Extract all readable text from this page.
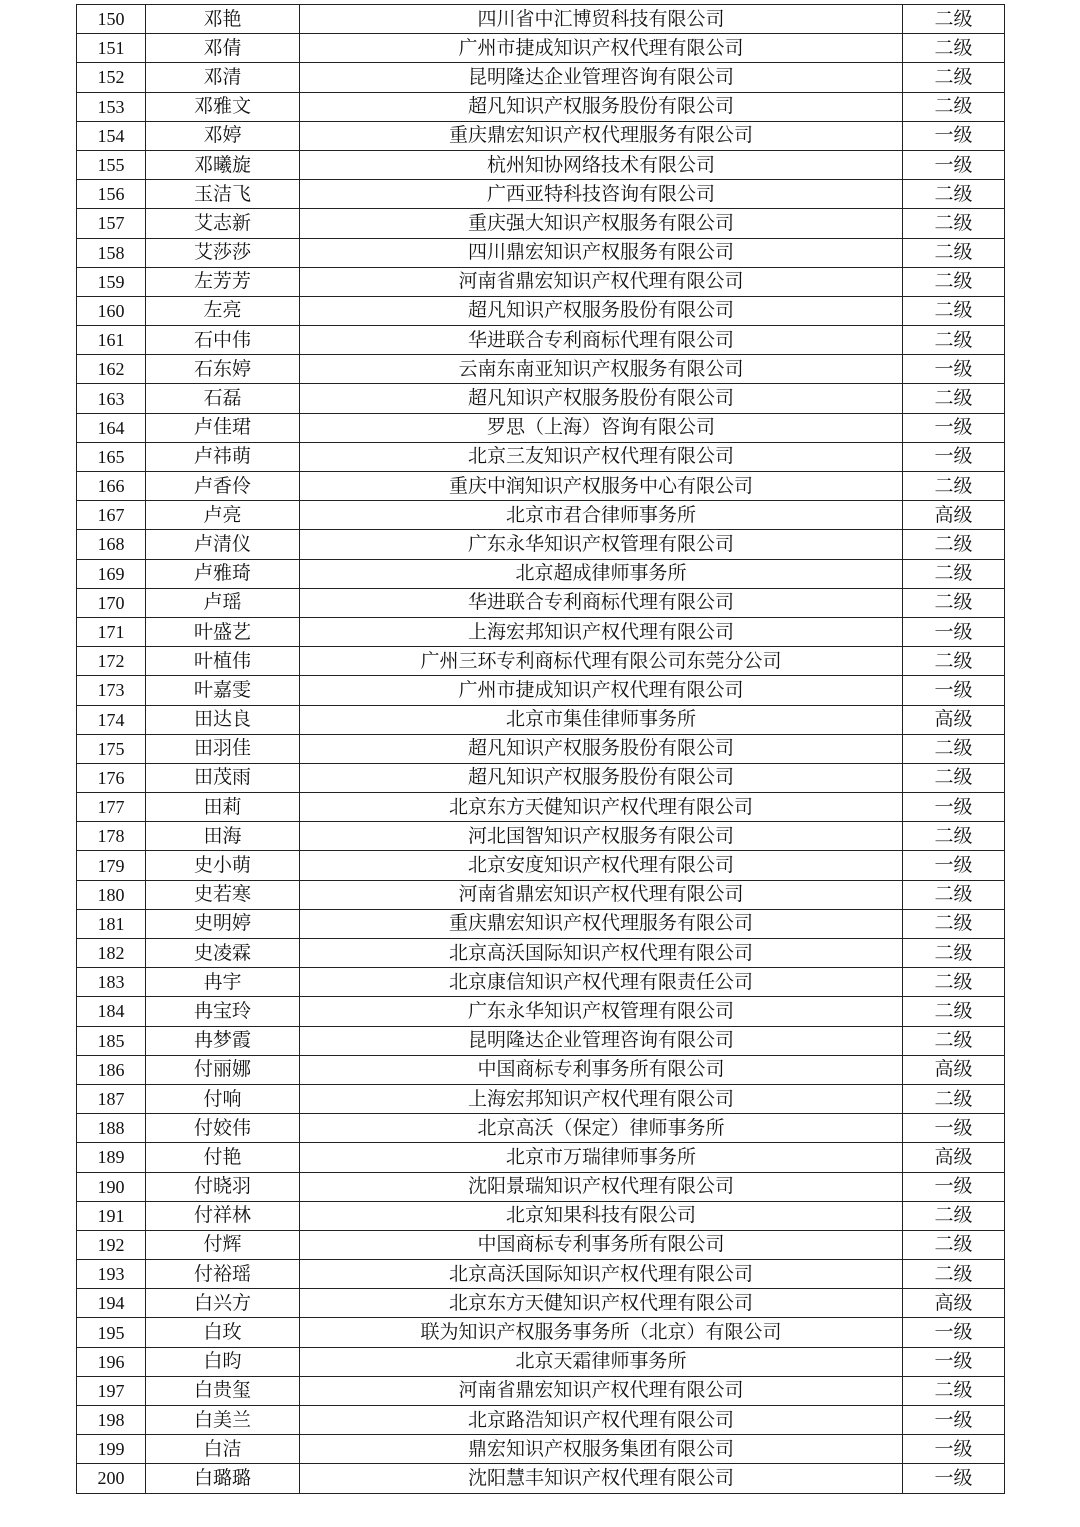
150	邓艳	四川省中汇博贸科技有限公司	二级
151	邓倩	广州市捷成知识产权代理有限公司	二级
152	邓清	昆明隆达企业管理咨询有限公司	二级
153	邓雅文	超凡知识产权服务股份有限公司	二级
154	邓婷	重庆鼎宏知识产权代理服务有限公司	一级
155	邓曦旋	杭州知协网络技术有限公司	一级
156	玉洁飞	广西亚特科技咨询有限公司	二级
157	艾志新	重庆强大知识产权服务有限公司	二级
158	艾莎莎	四川鼎宏知识产权服务有限公司	二级
159	左芳芳	河南省鼎宏知识产权代理有限公司	二级
160	左亮	超凡知识产权服务股份有限公司	二级
161	石中伟	华进联合专利商标代理有限公司	二级
162	石东婷	云南东南亚知识产权服务有限公司	一级
163	石磊	超凡知识产权服务股份有限公司	二级
164	卢佳珺	罗思（上海）咨询有限公司	一级
165	卢祎萌	北京三友知识产权代理有限公司	一级
166	卢香伶	重庆中润知识产权服务中心有限公司	二级
167	卢亮	北京市君合律师事务所	高级
168	卢清仪	广东永华知识产权管理有限公司	二级
169	卢雅琦	北京超成律师事务所	二级
170	卢瑶	华进联合专利商标代理有限公司	二级
171	叶盛艺	上海宏邦知识产权代理有限公司	一级
172	叶植伟	广州三环专利商标代理有限公司东莞分公司	二级
173	叶嘉雯	广州市捷成知识产权代理有限公司	一级
174	田达良	北京市集佳律师事务所	高级
175	田羽佳	超凡知识产权服务股份有限公司	二级
176	田茂雨	超凡知识产权服务股份有限公司	二级
177	田莉	北京东方天健知识产权代理有限公司	一级
178	田海	河北国智知识产权服务有限公司	二级
179	史小萌	北京安度知识产权代理有限公司	一级
180	史若寒	河南省鼎宏知识产权代理有限公司	二级
181	史明婷	重庆鼎宏知识产权代理服务有限公司	二级
182	史凌霖	北京高沃国际知识产权代理有限公司	二级
183	冉宇	北京康信知识产权代理有限责任公司	二级
184	冉宝玲	广东永华知识产权管理有限公司	二级
185	冉梦霞	昆明隆达企业管理咨询有限公司	二级
186	付丽娜	中国商标专利事务所有限公司	高级
187	付响	上海宏邦知识产权代理有限公司	二级
188	付姣伟	北京高沃（保定）律师事务所	一级
189	付艳	北京市万瑞律师事务所	高级
190	付晓羽	沈阳景瑞知识产权代理有限公司	一级
191	付祥林	北京知果科技有限公司	二级
192	付辉	中国商标专利事务所有限公司	二级
193	付裕瑶	北京高沃国际知识产权代理有限公司	二级
194	白兴方	北京东方天健知识产权代理有限公司	高级
195	白玫	联为知识产权服务事务所（北京）有限公司	一级
196	白昀	北京天霜律师事务所	一级
197	白贵玺	河南省鼎宏知识产权代理有限公司	二级
198	白美兰	北京路浩知识产权代理有限公司	一级
199	白洁	鼎宏知识产权服务集团有限公司	一级
200	白璐璐	沈阳慧丰知识产权代理有限公司	一级
